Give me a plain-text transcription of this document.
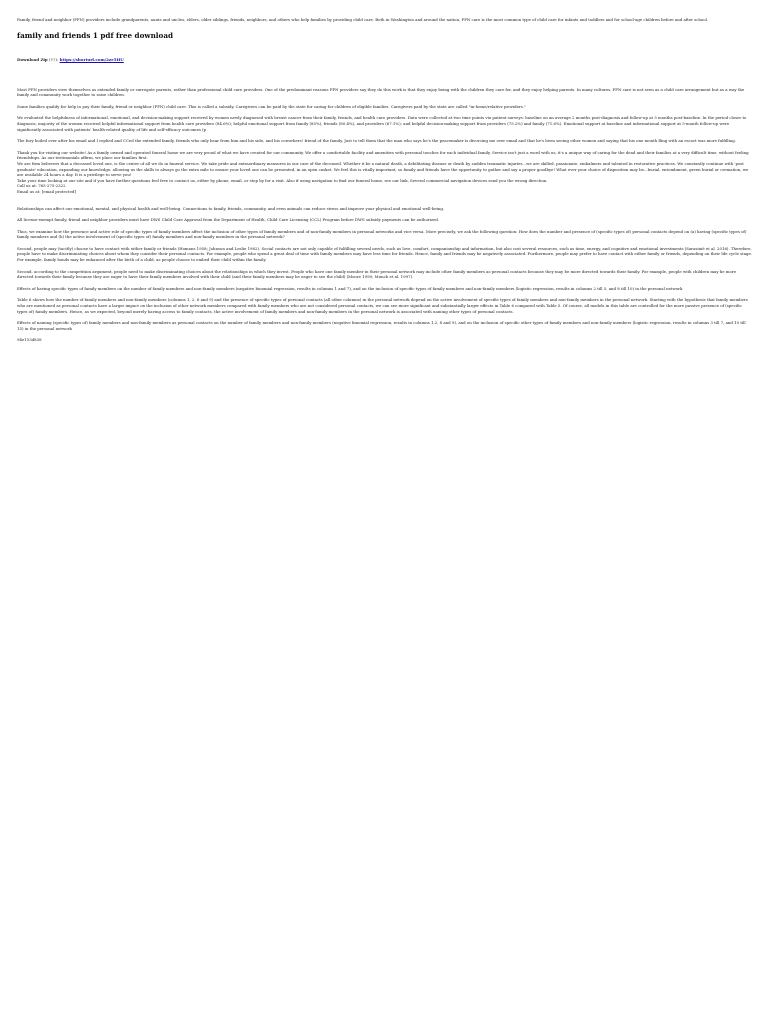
Family, friend and neighbor (FFN) providers include grandparents, aunts and uncles, elders, older siblings, friends, neighbors, and others who help families by providing child care. Both in Washington and around the nation, FFN care is the most common type of child care for infants and toddlers and for school-age children before and after school.

family and friends 1 pdf free download
Download Zip (!!!): https://shorturl.com/2ze5HU

Most FFN providers view themselves as extended family or surrogate parents, rather than professional child care providers. One of the predominant reasons FFN providers say they do this work is that they enjoy being with the children they care for, and they enjoy helping parents. In many cultures, FFN care is not seen as a child care arrangement but as a way the family and community work together to raise children.

Some families qualify for help to pay their family, friend or neighbor (FFN) child care. This is called a subsidy. Caregivers can be paid by the state for caring for children of eligible families. Caregivers paid by the state are called "in-home/relative providers."

We evaluated the helpfulness of informational, emotional, and decision-making support received by women newly diagnosed with breast cancer from their family, friends, and health care providers. Data were collected at two time points via patient surveys: baseline on an average 2 months post-diagnosis and follow-up at 5 months post-baseline. In the period closer to diagnosis, majority of the women received helpful informational support from health care providers (84.6%); helpful emotional support from family (85%), friends (80.4%), and providers (67.1%); and helpful decision-making support from providers (75.2%) and family (71.6%). Emotional support at baseline and informational support at 5-month follow-up were significantly associated with patients' health-related quality of life and self-efficacy outcomes (p

The fury boiled over after his email and I replied and CCed the extended family, friends who only hear from him and his side, and his coworkers! friend of the family. Just to tell them that the man who says he's the peacemaker is divorcing me over email and that he's been seeing other women and saying that his one month fling with an escort was more fulfilling.

Thank you for visiting our website! As a family owned and operated funeral home we are very proud of what we have created for our community. We offer a comfortable facility and amenities with personal touches for each individual family. Service isn't just a word with us, it's a unique way of caring for the dead and their families at a very difficult time, without feeling friendships. As our testimonials affirm, we place our families first.

We are firm believers that a deceased loved one, is the center of all we do in funeral service. We take pride and extraordinary measures in our care of the deceased. Whether it be a natural death, a debilitating disease or death by sudden traumatic injuries...we are skilled, passionate, embalmers and talented in restorative practices. We constantly continue with 'post graduate' education, expanding our knowledge, allowing us the skills to always go the extra mile to ensure your loved one can be presented, in an open casket. We feel this is vitally important, so family and friends have the opportunity to gather and say a proper goodbye! What ever your choice of disposition may be...burial, entombment, green burial or cremation, we are available 24 hours a day. It is a privilege to serve you!

Take your time looking at our site and if you have further questions feel free to contact us, either by phone, email, or stop by for a visit. Also if using navigation to find our funeral home, see our link, Several commercial navigation devices send you the wrong direction.

Call us at: 765-275-2322

Email us at: [email protected]

Relationships can affect our emotional, mental, and physical health and well-being. Connections to family, friends, community, and even animals can reduce stress and improve your physical and emotional well-being.

All license-exempt family, friend and neighbor providers must have DWS Child Care Approval from the Department of Health, Child Care Licensing (CCL) Program before DWS subsidy payments can be authorized.

Thus, we examine how the presence and active role of specific types of family members affect the inclusion of other types of family members and of non-family members in personal networks and vice versa. More precisely, we ask the following question: How does the number and presence of (specific types of) personal contacts depend on (a) having (specific types of) family members and (b) the active involvement of (specific types of) family members and non-family members in the personal network?

Second, people may (tacitly) choose to have contact with either family or friends (Homans 1958; Johnson and Leslie 1982). Social contacts are not only capable of fulfilling several needs, such as love, comfort, companionship and information, but also cost several resources, such as time, energy, and cognitive and emotional investments (Sarasiniè et al. 2016). Therefore, people have to make discriminating choices about whom they consider their personal contacts. For example, people who spend a great deal of time with family members may have less time for friends. Hence, family and friends may be negatively associated. Furthermore, people may prefer to have contact with either family or friends, depending on their life cycle stage. For example, family bonds may be enhanced after the birth of a child, as people choose to embed their child within the family.

Second, according to the competition argument, people need to make discriminating choices about the relationships in which they invest. People who have one family member in their personal network may include other family members as personal contacts because they may be more directed towards their family. For example, people with children may be more directed towards their family because they are eager to have their family members involved with their child (and their family members may be eager to see the child) (Moore 1990; Munch et al. 1997).

Effects of having specific types of family members on the number of family members and non-family members (negative binomial regression, results in columns 1 and 7), and on the inclusion of specific types of family members and non-family members (logistic regression, results in columns 2 till 5, and 8 till 10) in the personal network

Table 6 shows how the number of family members and non-family members (columns 1, 2, 6 and 9) and the presence of specific types of personal contacts (all other columns) in the personal network depend on the active involvement of specific types of family members and non-family members in the personal network. Starting with the hypothesis that family members who are mentioned as personal contacts have a larger impact on the inclusion of other network members compared with family members who are not considered personal contacts, we can see more significant and substantially larger effects in Table 6 compared with Table 5. Of course, all models in this table are controlled for the more passive presence of (specific types of) family members. Hence, as we expected, beyond merely having access to family contacts, the active involvement of family members and non-family members in the personal network is associated with naming other types of personal contacts.

Effects of naming (specific types of) family members and non-family members as personal contacts on the number of family members and non-family members (negative binomial regression, results in columns 1,2, 8 and 9), and on the inclusion of specific other types of family members and non-family members (logistic regression, results in columns 3 till 7, and 10 till 15) in the personal network

94e153d838
